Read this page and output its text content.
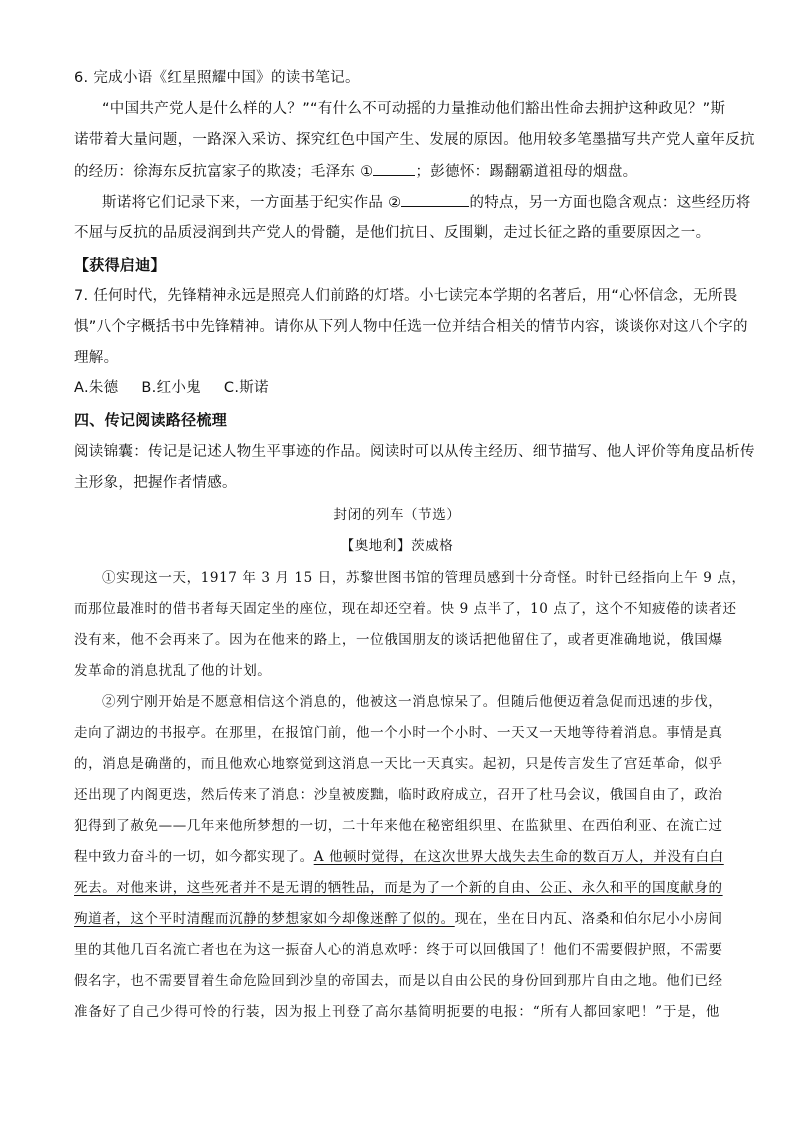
6. 完成小语《红星照耀中国》的读书笔记。
“中国共产党人是什么样的人？”“有什么不可动摇的力量推动他们豁出性命去拥护这种政见？”斯
诺带着大量问题，一路深入采访、探究红色中国产生、发展的原因。他用较多笔墨描写共产党人童年反抗
的经历：徐海东反抗富家子的欺凌；毛泽东 ①	；彭德怀：踢翻霸道祖母的烟盘。
斯诺将它们记录下来，一方面基于纪实作品 ②	的特点，另一方面也隐含观点：这些经历将
不屈与反抗的品质浸润到共产党人的骨髓，是他们抗日、反围剿，走过长征之路的重要原因之一。
【获得启迪】
7. 任何时代，先锋精神永远是照亮人们前路的灯塔。小七读完本学期的名著后，用“心怀信念，无所畏
惧”八个字概括书中先锋精神。请你从下列人物中任选一位并结合相关的情节内容，谈谈你对这八个字的
理解。
A.朱德 B.红小鬼 C.斯诺
四、传记阅读路径梳理
阅读锦囊：传记是记述人物生平事迹的作品。阅读时可以从传主经历、细节描写、他人评价等角度品析传
主形象，把握作者情感。
封闭的列车（节选）
【奥地利】茨威格
①实现这一天，1917 年 3 月 15 日，苏黎世图书馆的管理员感到十分奇怪。时针已经指向上午 9 点，
而那位最准时的借书者每天固定坐的座位，现在却还空着。快 9 点半了，10 点了，这个不知疲倦的读者还
没有来，他不会再来了。因为在他来的路上，一位俄国朋友的谈话把他留住了，或者更准确地说，俄国爆
发革命的消息扰乱了他的计划。
②列宁刚开始是不愿意相信这个消息的，他被这一消息惊呆了。但随后他便迈着急促而迅速的步伐，
走向了湖边的书报亭。在那里，在报馆门前，他一个小时一个小时、一天又一天地等待着消息。事情是真
的，消息是确凿的，而且他欢心地察觉到这消息一天比一天真实。起初，只是传言发生了宫廷革命，似乎
还出现了内阁更迭，然后传来了消息：沙皇被废黜，临时政府成立，召开了杜马会议，俄国自由了，政治
犯得到了赦免——几年来他所梦想的一切，二十年来他在秘密组织里、在监狱里、在西伯利亚、在流亡过
程中致力奋斗的一切，如今都实现了。A 他顿时觉得，在这次世界大战失去生命的数百万人，并没有白白
死去。对他来讲，这些死者并不是无谓的牺牲品，而是为了一个新的自由、公正、永久和平的国度献身的
殉道者，这个平时清醒而沉静的梦想家如今却像迷醉了似的。现在，坐在日内瓦、洛桑和伯尔尼小小房间
里的其他几百名流亡者也在为这一振奋人心的消息欢呼：终于可以回俄国了！他们不需要假护照，不需要
假名字，也不需要冒着生命危险回到沙皇的帝国去，而是以自由公民的身份回到那片自由之地。他们已经
准备好了自己少得可怜的行装，因为报上刊登了高尔基简明扼要的电报：“所有人都回家吧！”于是，他
